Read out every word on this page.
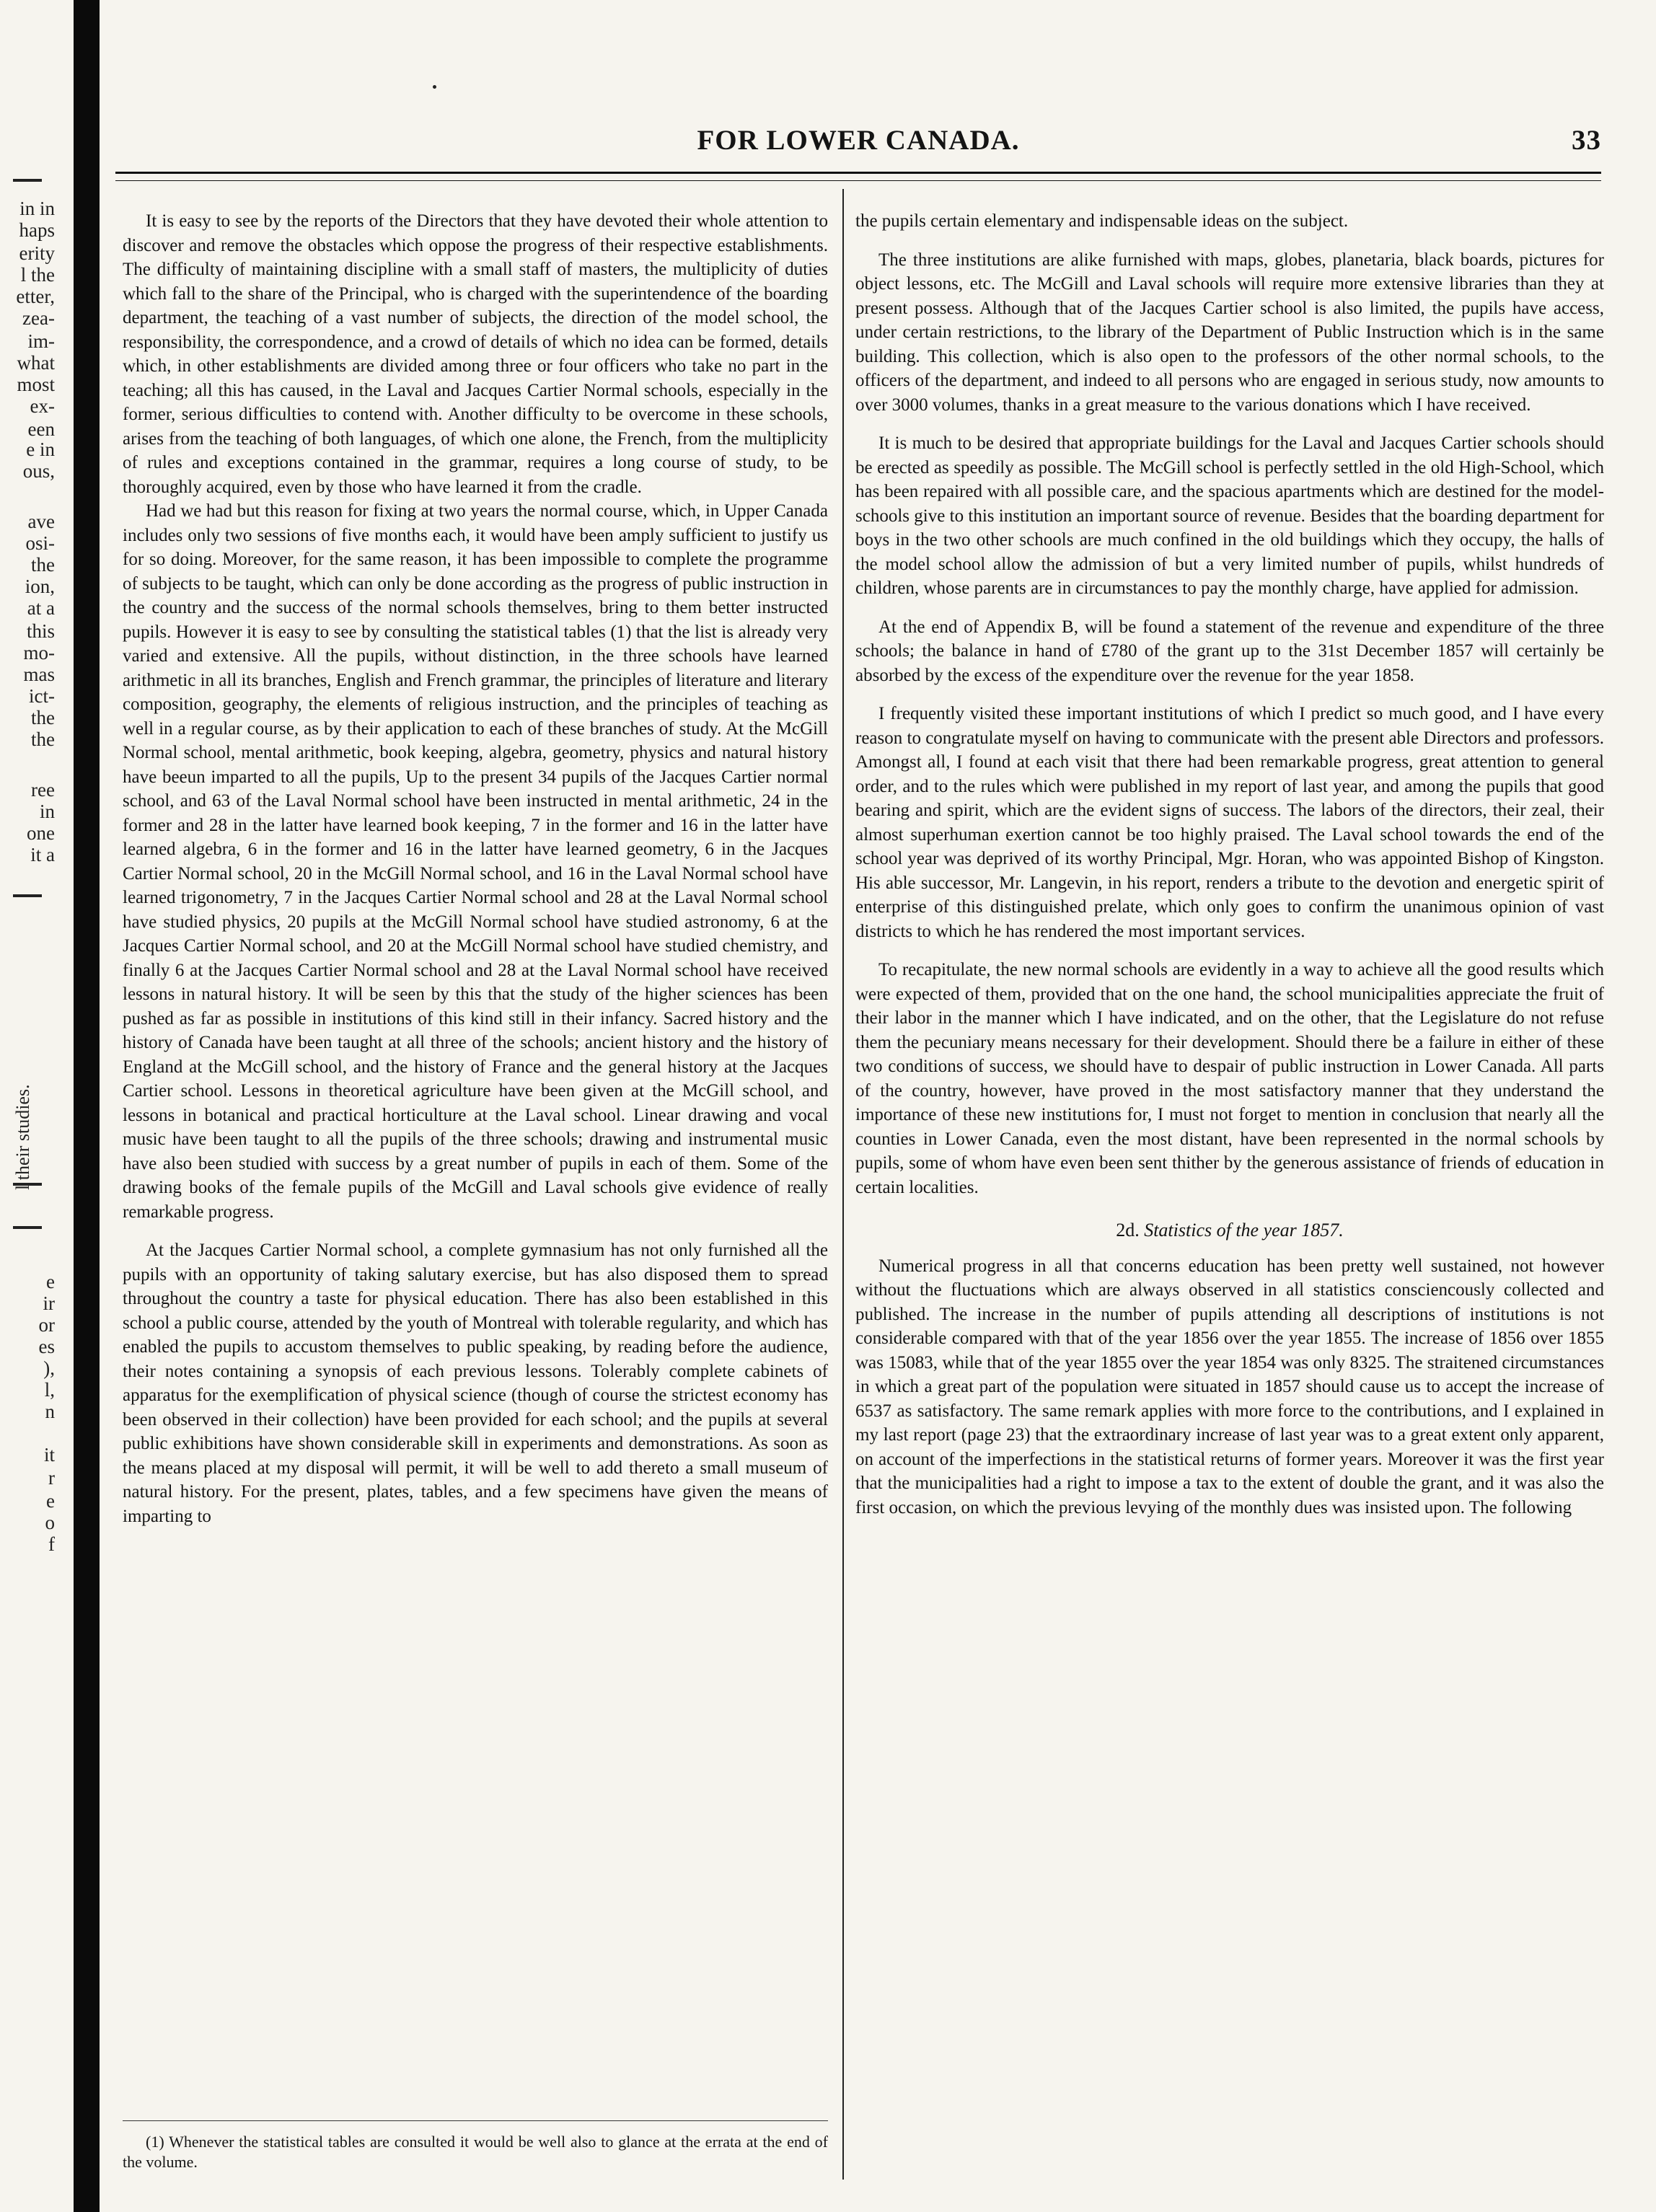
in in
haps
erity
l the
etter,
zea-
im-
what
most
ex-
een
e in
ous,
ave
osi-
the
ion,
at a
this
mo-
mas
ict-
the
the
ree
in
one
it a
e
ir
or
es
),
l,
n
it
r
e
o
f
l their studies.
FOR LOWER CANADA.	33

It is easy to see by the reports of the Directors that they have devoted their whole attention to discover and remove the obstacles which oppose the progress of their respective establishments. The difficulty of maintaining discipline with a small staff of masters, the multiplicity of duties which fall to the share of the Principal, who is charged with the superintendence of the boarding department, the teaching of a vast number of subjects, the direction of the model school, the responsibility, the correspondence, and a crowd of details of which no idea can be formed, details which, in other establishments are divided among three or four officers who take no part in the teaching; all this has caused, in the Laval and Jacques Cartier Normal schools, especially in the former, serious difficulties to contend with. Another difficulty to be overcome in these schools, arises from the teaching of both languages, of which one alone, the French, from the multiplicity of rules and exceptions contained in the grammar, requires a long course of study, to be thoroughly acquired, even by those who have learned it from the cradle.

Had we had but this reason for fixing at two years the normal course, which, in Upper Canada includes only two sessions of five months each, it would have been amply sufficient to justify us for so doing. Moreover, for the same reason, it has been impossible to complete the programme of subjects to be taught, which can only be done according as the progress of public instruction in the country and the success of the normal schools themselves, bring to them better instructed pupils. However it is easy to see by consulting the statistical tables (1) that the list is already very varied and extensive. All the pupils, without distinction, in the three schools have learned arithmetic in all its branches, English and French grammar, the principles of literature and literary composition, geography, the elements of religious instruction, and the principles of teaching as well in a regular course, as by their application to each of these branches of study. At the McGill Normal school, mental arithmetic, book keeping, algebra, geometry, physics and natural history have beeun imparted to all the pupils, Up to the present 34 pupils of the Jacques Cartier normal school, and 63 of the Laval Normal school have been instructed in mental arithmetic, 24 in the former and 28 in the latter have learned book keeping, 7 in the former and 16 in the latter have learned algebra, 6 in the former and 16 in the latter have learned geometry, 6 in the Jacques Cartier Normal school, 20 in the McGill Normal school, and 16 in the Laval Normal school have learned trigonometry, 7 in the Jacques Cartier Normal school and 28 at the Laval Normal school have studied physics, 20 pupils at the McGill Normal school have studied astronomy, 6 at the Jacques Cartier Normal school, and 20 at the McGill Normal school have studied chemistry, and finally 6 at the Jacques Cartier Normal school and 28 at the Laval Normal school have received lessons in natural history. It will be seen by this that the study of the higher sciences has been pushed as far as possible in institutions of this kind still in their infancy. Sacred history and the history of Canada have been taught at all three of the schools; ancient history and the history of England at the McGill school, and the history of France and the general history at the Jacques Cartier school. Lessons in theoretical agriculture have been given at the McGill school, and lessons in botanical and practical horticulture at the Laval school. Linear drawing and vocal music have been taught to all the pupils of the three schools; drawing and instrumental music have also been studied with success by a great number of pupils in each of them. Some of the drawing books of the female pupils of the McGill and Laval schools give evidence of really remarkable progress.

At the Jacques Cartier Normal school, a complete gymnasium has not only furnished all the pupils with an opportunity of taking salutary exercise, but has also disposed them to spread throughout the country a taste for physical education. There has also been established in this school a public course, attended by the youth of Montreal with tolerable regularity, and which has enabled the pupils to accustom themselves to public speaking, by reading before the audience, their notes containing a synopsis of each previous lessons. Tolerably complete cabinets of apparatus for the exemplification of physical science (though of course the strictest economy has been observed in their collection) have been provided for each school; and the pupils at several public exhibitions have shown considerable skill in experiments and demonstrations. As soon as the means placed at my disposal will permit, it will be well to add thereto a small museum of natural history. For the present, plates, tables, and a few specimens have given the means of imparting to

(1) Whenever the statistical tables are consulted it would be well also to glance at the errata at the end of the volume.

the pupils certain elementary and indispensable ideas on the subject.

The three institutions are alike furnished with maps, globes, planetaria, black boards, pictures for object lessons, etc. The McGill and Laval schools will require more extensive libraries than they at present possess. Although that of the Jacques Cartier school is also limited, the pupils have access, under certain restrictions, to the library of the Department of Public Instruction which is in the same building. This collection, which is also open to the professors of the other normal schools, to the officers of the department, and indeed to all persons who are engaged in serious study, now amounts to over 3000 volumes, thanks in a great measure to the various donations which I have received.

It is much to be desired that appropriate buildings for the Laval and Jacques Cartier schools should be erected as speedily as possible. The McGill school is perfectly settled in the old High-School, which has been repaired with all possible care, and the spacious apartments which are destined for the model-schools give to this institution an important source of revenue. Besides that the boarding department for boys in the two other schools are much confined in the old buildings which they occupy, the halls of the model school allow the admission of but a very limited number of pupils, whilst hundreds of children, whose parents are in circumstances to pay the monthly charge, have applied for admission.

At the end of Appendix B, will be found a statement of the revenue and expenditure of the three schools; the balance in hand of £780 of the grant up to the 31st December 1857 will certainly be absorbed by the excess of the expenditure over the revenue for the year 1858.

I frequently visited these important institutions of which I predict so much good, and I have every reason to congratulate myself on having to communicate with the present able Directors and professors. Amongst all, I found at each visit that there had been remarkable progress, great attention to general order, and to the rules which were published in my report of last year, and among the pupils that good bearing and spirit, which are the evident signs of success. The labors of the directors, their zeal, their almost superhuman exertion cannot be too highly praised. The Laval school towards the end of the school year was deprived of its worthy Principal, Mgr. Horan, who was appointed Bishop of Kingston. His able successor, Mr. Langevin, in his report, renders a tribute to the devotion and energetic spirit of enterprise of this distinguished prelate, which only goes to confirm the unanimous opinion of vast districts to which he has rendered the most important services.

To recapitulate, the new normal schools are evidently in a way to achieve all the good results which were expected of them, provided that on the one hand, the school municipalities appreciate the fruit of their labor in the manner which I have indicated, and on the other, that the Legislature do not refuse them the pecuniary means necessary for their development. Should there be a failure in either of these two conditions of success, we should have to despair of public instruction in Lower Canada. All parts of the country, however, have proved in the most satisfactory manner that they understand the importance of these new institutions for, I must not forget to mention in conclusion that nearly all the counties in Lower Canada, even the most distant, have been represented in the normal schools by pupils, some of whom have even been sent thither by the generous assistance of friends of education in certain localities.

2d. Statistics of the year 1857.

Numerical progress in all that concerns education has been pretty well sustained, not however without the fluctuations which are always observed in all statistics consciencously collected and published. The increase in the number of pupils attending all descriptions of institutions is not considerable compared with that of the year 1856 over the year 1855. The increase of 1856 over 1855 was 15083, while that of the year 1855 over the year 1854 was only 8325. The straitened circumstances in which a great part of the population were situated in 1857 should cause us to accept the increase of 6537 as satisfactory. The same remark applies with more force to the contributions, and I explained in my last report (page 23) that the extraordinary increase of last year was to a great extent only apparent, on account of the imperfections in the statistical returns of former years. Moreover it was the first year that the municipalities had a right to impose a tax to the extent of double the grant, and it was also the first occasion, on which the previous levying of the monthly dues was insisted upon. The following
